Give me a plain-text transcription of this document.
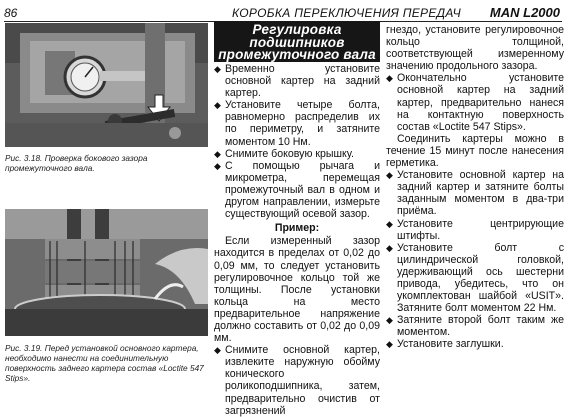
86	КОРОБКА ПЕРЕКЛЮЧЕНИЯ ПЕРЕДАЧ MAN L2000
Рис. 3.18. Проверка бокового зазора промежуточного вала.
Рис. 3.19. Перед установкой основного картера, необходимо нанести на соединительную поверхность заднего картера состав «Loctite 547 Stips».
Регулировка подшипников промежуточного вала

◆ Временно установите основной картер на задний картер.

◆ Установите четыре болта, равномерно распределив их по периметру, и затяните моментом 10 Нм.

◆ Снимите боковую крышку.

◆ С помощью рычага и микрометра, перемещая промежуточный вал в одном и другом направлении, измерьте существующий осевой зазор.

Пример:

Если измеренный зазор находится в пределах от 0,02 до 0,09 мм, то следует установить регулировочное кольцо той же толщины. После установки кольца на место предварительное напряжение должно составить от 0,02 до 0,09 мм.

◆ Снимите основной картер, извлеките наружную обойму конического роликоподшипника, затем, предварительно очистив от загрязнений

гнездо, установите регулировочное кольцо толщиной, соответствующей измеренному значению продольного зазора.

◆ Окончательно установите основной картер на задний картер, предварительно нанеся на контактную поверхность состав «Loctite 547 Stips».

Соединить картеры можно в течение 15 минут после нанесения герметика.

◆ Установите основной картер на задний картер и затяните болты заданным моментом в два-три приёма.

◆ Установите центрирующие штифты.

◆ Установите болт с цилиндрической головкой, удерживающий ось шестерни привода, убедитесь, что он укомплектован шайбой «USIT». Затяните болт моментом 22 Нм.

◆ Затяните второй болт таким же моментом.

◆ Установите заглушки.
